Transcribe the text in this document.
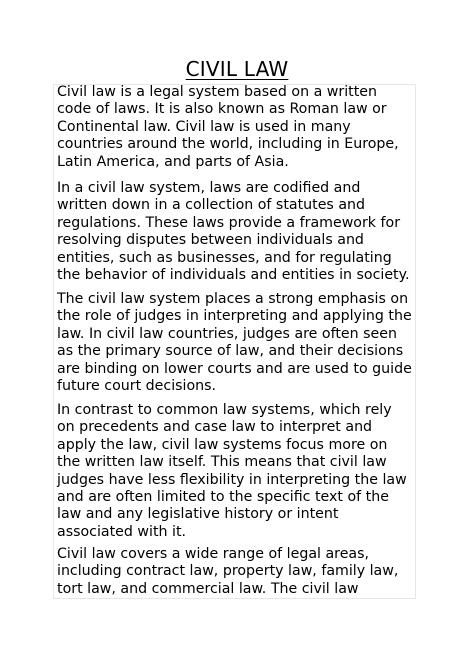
CIVIL LAW

Civil law is a legal system based on a written
code of laws. It is also known as Roman law or
Continental law. Civil law is used in many
countries around the world, including in Europe,
Latin America, and parts of Asia.

In a civil law system, laws are codified and
written down in a collection of statutes and
regulations. These laws provide a framework for
resolving disputes between individuals and
entities, such as businesses, and for regulating
the behavior of individuals and entities in society.

The civil law system places a strong emphasis on
the role of judges in interpreting and applying the
law. In civil law countries, judges are often seen
as the primary source of law, and their decisions
are binding on lower courts and are used to guide
future court decisions.

In contrast to common law systems, which rely
on precedents and case law to interpret and
apply the law, civil law systems focus more on
the written law itself. This means that civil law
judges have less flexibility in interpreting the law
and are often limited to the specific text of the
law and any legislative history or intent
associated with it.

Civil law covers a wide range of legal areas,
including contract law, property law, family law,
tort law, and commercial law. The civil law
